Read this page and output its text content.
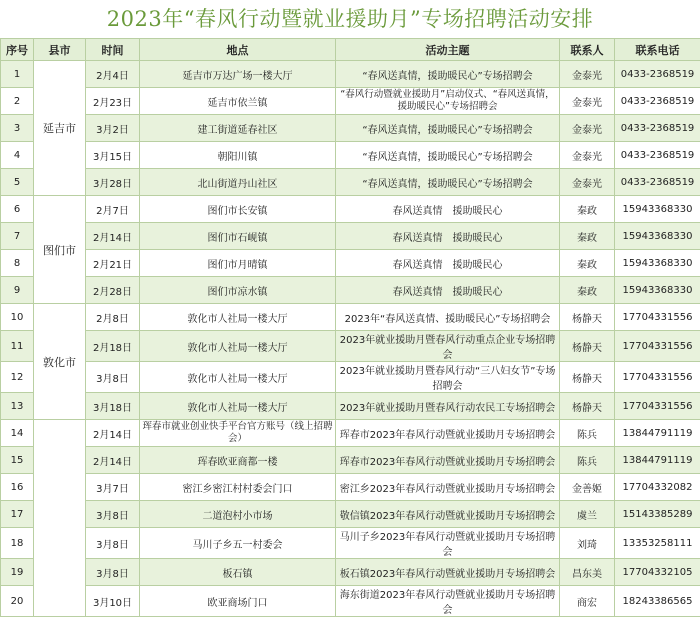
2023年“春风行动暨就业援助月”专场招聘活动安排
序号	县市	时间	地点	活动主题	联系人	联系电话
1	延吉市	2月4日	延吉市万达广场一楼大厅	“春风送真情，援助暖民心”专场招聘会	金泰光	0433-2368519
2		2月23日	延吉市依兰镇	“春风行动暨就业援助月”启动仪式、“春风送真情，援助暖民心”专场招聘会	金泰光	0433-2368519
3		3月2日	建工街道延春社区	“春风送真情，援助暖民心”专场招聘会	金泰光	0433-2368519
4		3月15日	朝阳川镇	“春风送真情，援助暖民心”专场招聘会	金泰光	0433-2368519
5		3月28日	北山街道丹山社区	“春风送真情，援助暖民心”专场招聘会	金泰光	0433-2368519
6	图们市	2月7日	图们市长安镇	春风送真情　援助暖民心	秦政	15943368330
7		2月14日	图们市石岘镇	春风送真情　援助暖民心	秦政	15943368330
8		2月21日	图们市月晴镇	春风送真情　援助暖民心	秦政	15943368330
9		2月28日	图们市凉水镇	春风送真情　援助暖民心	秦政	15943368330
10	敦化市	2月8日	敦化市人社局一楼大厅	2023年“春风送真情、援助暖民心”专场招聘会	杨静天	17704331556
11		2月18日	敦化市人社局一楼大厅	2023年就业援助月暨春风行动重点企业专场招聘会	杨静天	17704331556
12		3月8日	敦化市人社局一楼大厅	2023年就业援助月暨春风行动“三八妇女节”专场招聘会	杨静天	17704331556
13		3月18日	敦化市人社局一楼大厅	2023年就业援助月暨春风行动农民工专场招聘会	杨静天	17704331556
14		2月14日	珲春市就业创业快手平台官方账号（线上招聘会）	珲春市2023年春风行动暨就业援助月专场招聘会	陈兵	13844791119
15		2月14日	珲春欧亚商都一楼	珲春市2023年春风行动暨就业援助月专场招聘会	陈兵	13844791119
16		3月7日	密江乡密江村村委会门口	密江乡2023年春风行动暨就业援助月专场招聘会	金善姬	17704332082
17		3月8日	二道泡村小市场	敬信镇2023年春风行动暨就业援助月专场招聘会	虞兰	15143385289
18		3月8日	马川子乡五一村委会	马川子乡2023年春风行动暨就业援助月专场招聘会	刘琦	13353258111
19		3月8日	板石镇	板石镇2023年春风行动暨就业援助月专场招聘会	昌东美	17704332105
20		3月10日	欧亚商场门口	海东街道2023年春风行动暨就业援助月专场招聘会	商宏	18243386565
